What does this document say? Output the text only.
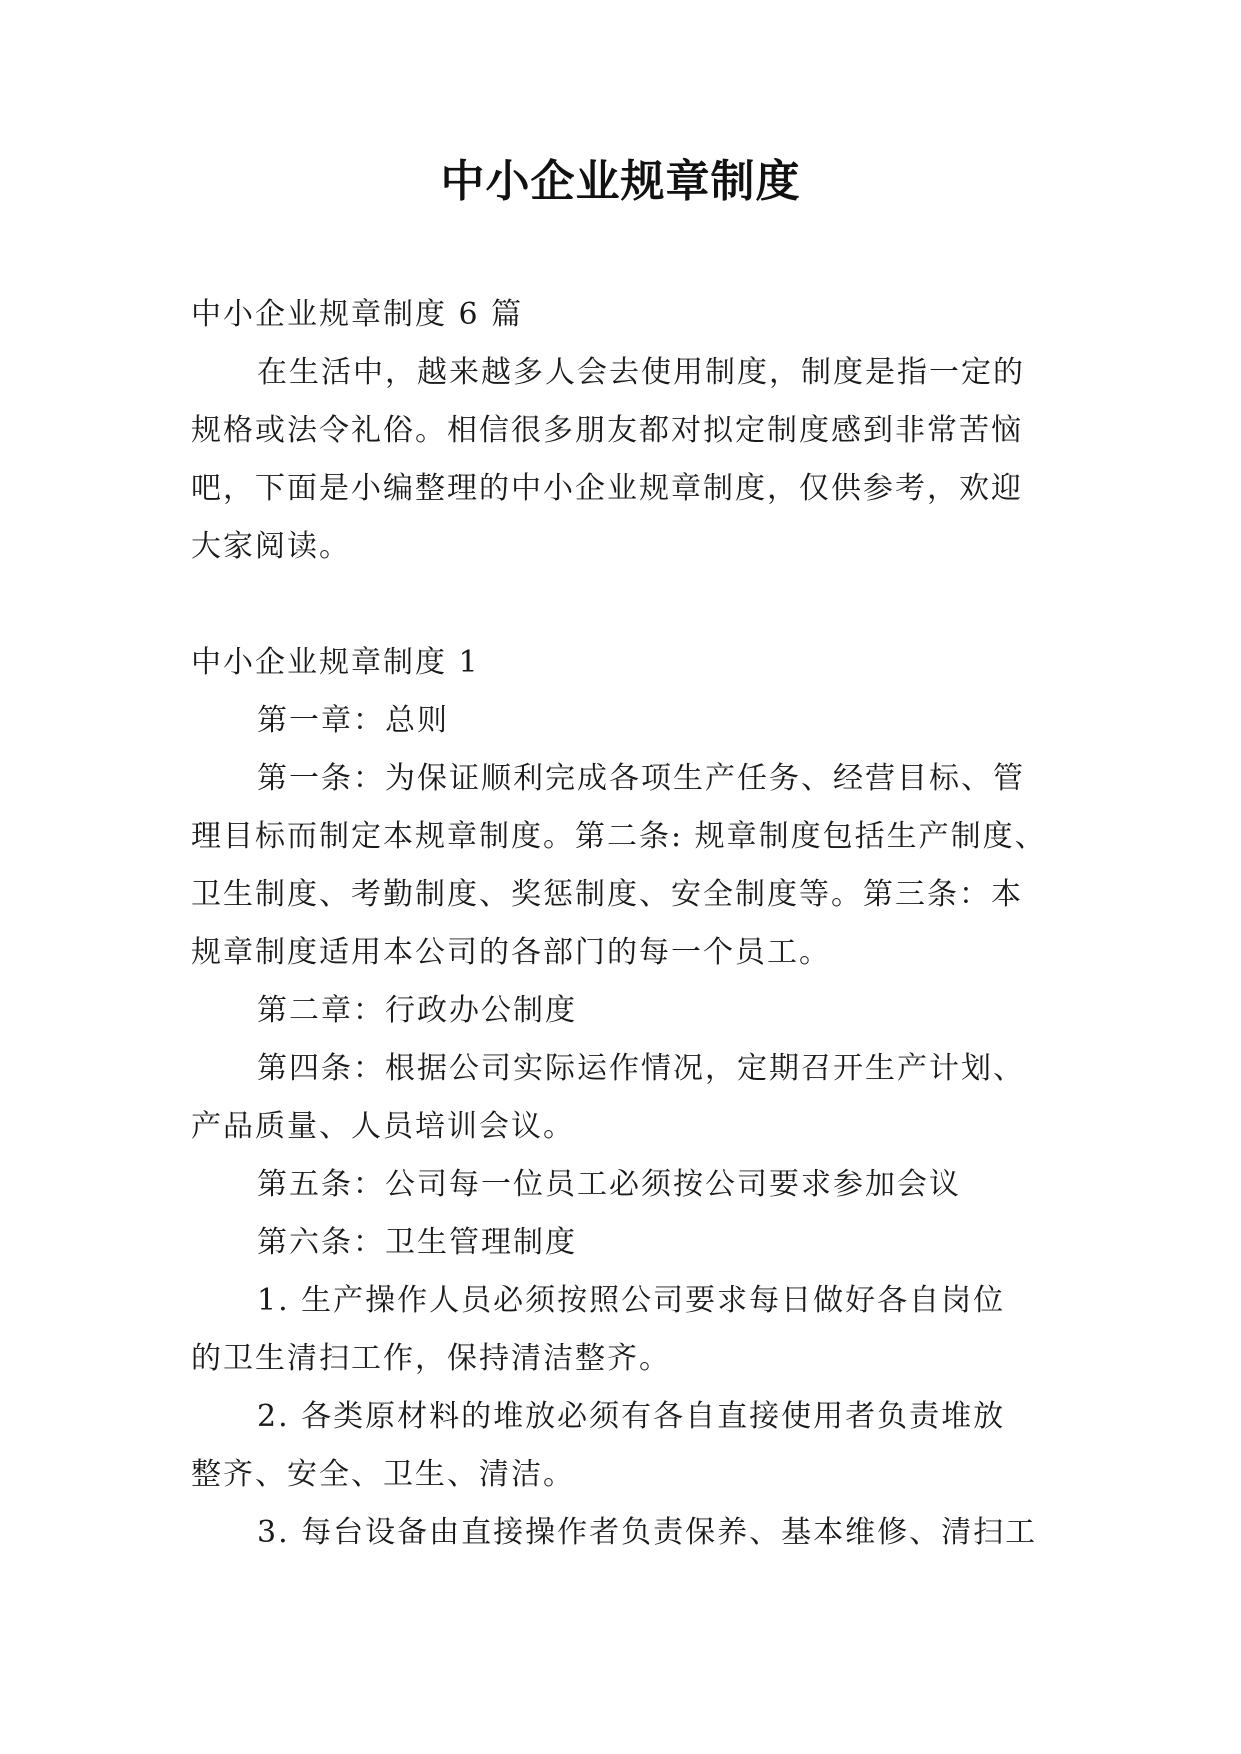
中小企业规章制度

中小企业规章制度 6 篇

在生活中，越来越多人会去使用制度，制度是指一定的

规格或法令礼俗。相信很多朋友都对拟定制度感到非常苦恼

吧，下面是小编整理的中小企业规章制度，仅供参考，欢迎

大家阅读。

中小企业规章制度 1

第一章：总则

第一条：为保证顺利完成各项生产任务、经营目标、管

理目标而制定本规章制度。第二条: 规章制度包括生产制度、

卫生制度、考勤制度、奖惩制度、安全制度等。第三条：本

规章制度适用本公司的各部门的每一个员工。

第二章：行政办公制度

第四条：根据公司实际运作情况，定期召开生产计划、

产品质量、人员培训会议。

第五条：公司每一位员工必须按公司要求参加会议

第六条：卫生管理制度

1. 生产操作人员必须按照公司要求每日做好各自岗位

的卫生清扫工作，保持清洁整齐。

2. 各类原材料的堆放必须有各自直接使用者负责堆放

整齐、安全、卫生、清洁。

3. 每台设备由直接操作者负责保养、基本维修、清扫工
